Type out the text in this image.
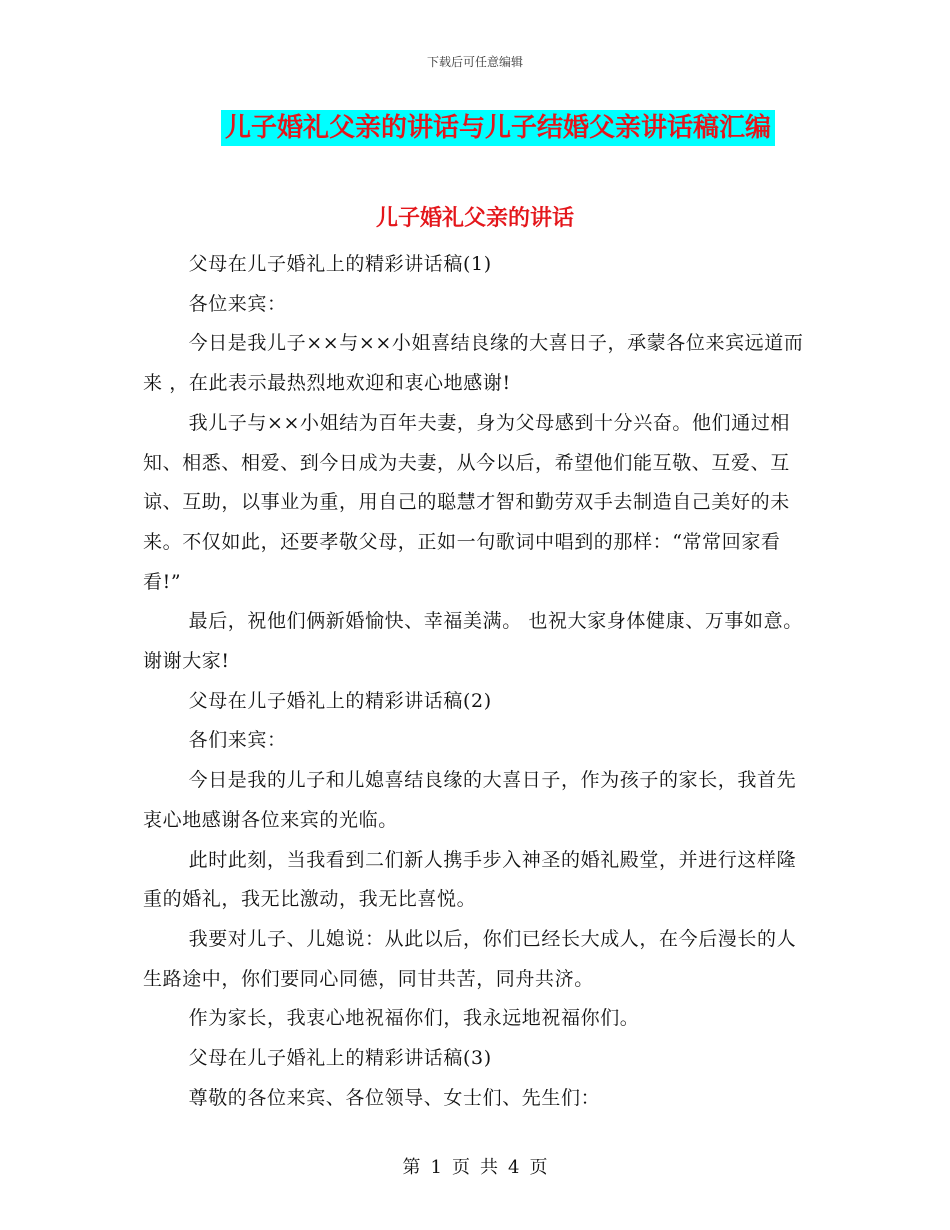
下载后可任意编辑
儿子婚礼父亲的讲话与儿子结婚父亲讲话稿汇编
儿子婚礼父亲的讲话

父母在儿子婚礼上的精彩讲话稿(1)

各位来宾：

今日是我儿子××与××小姐喜结良缘的大喜日子，承蒙各位来宾远道而来 ，在此表示最热烈地欢迎和衷心地感谢!

我儿子与××小姐结为百年夫妻，身为父母感到十分兴奋。他们通过相知、相悉、相爱、到今日成为夫妻，从今以后，希望他们能互敬、互爱、互谅、互助，以事业为重，用自己的聪慧才智和勤劳双手去制造自己美好的未来。不仅如此，还要孝敬父母，正如一句歌词中唱到的那样：“常常回家看看!”

最后，祝他们俩新婚愉快、幸福美满。 也祝大家身体健康、万事如意。谢谢大家!

父母在儿子婚礼上的精彩讲话稿(2)

各们来宾：

今日是我的儿子和儿媳喜结良缘的大喜日子，作为孩子的家长，我首先衷心地感谢各位来宾的光临。

此时此刻，当我看到二们新人携手步入神圣的婚礼殿堂，并进行这样隆重的婚礼，我无比激动，我无比喜悦。

我要对儿子、儿媳说：从此以后，你们已经长大成人，在今后漫长的人生路途中，你们要同心同德，同甘共苦，同舟共济。

作为家长，我衷心地祝福你们，我永远地祝福你们。

父母在儿子婚礼上的精彩讲话稿(3)

尊敬的各位来宾、各位领导、女士们、先生们：

第 1 页 共 4 页
